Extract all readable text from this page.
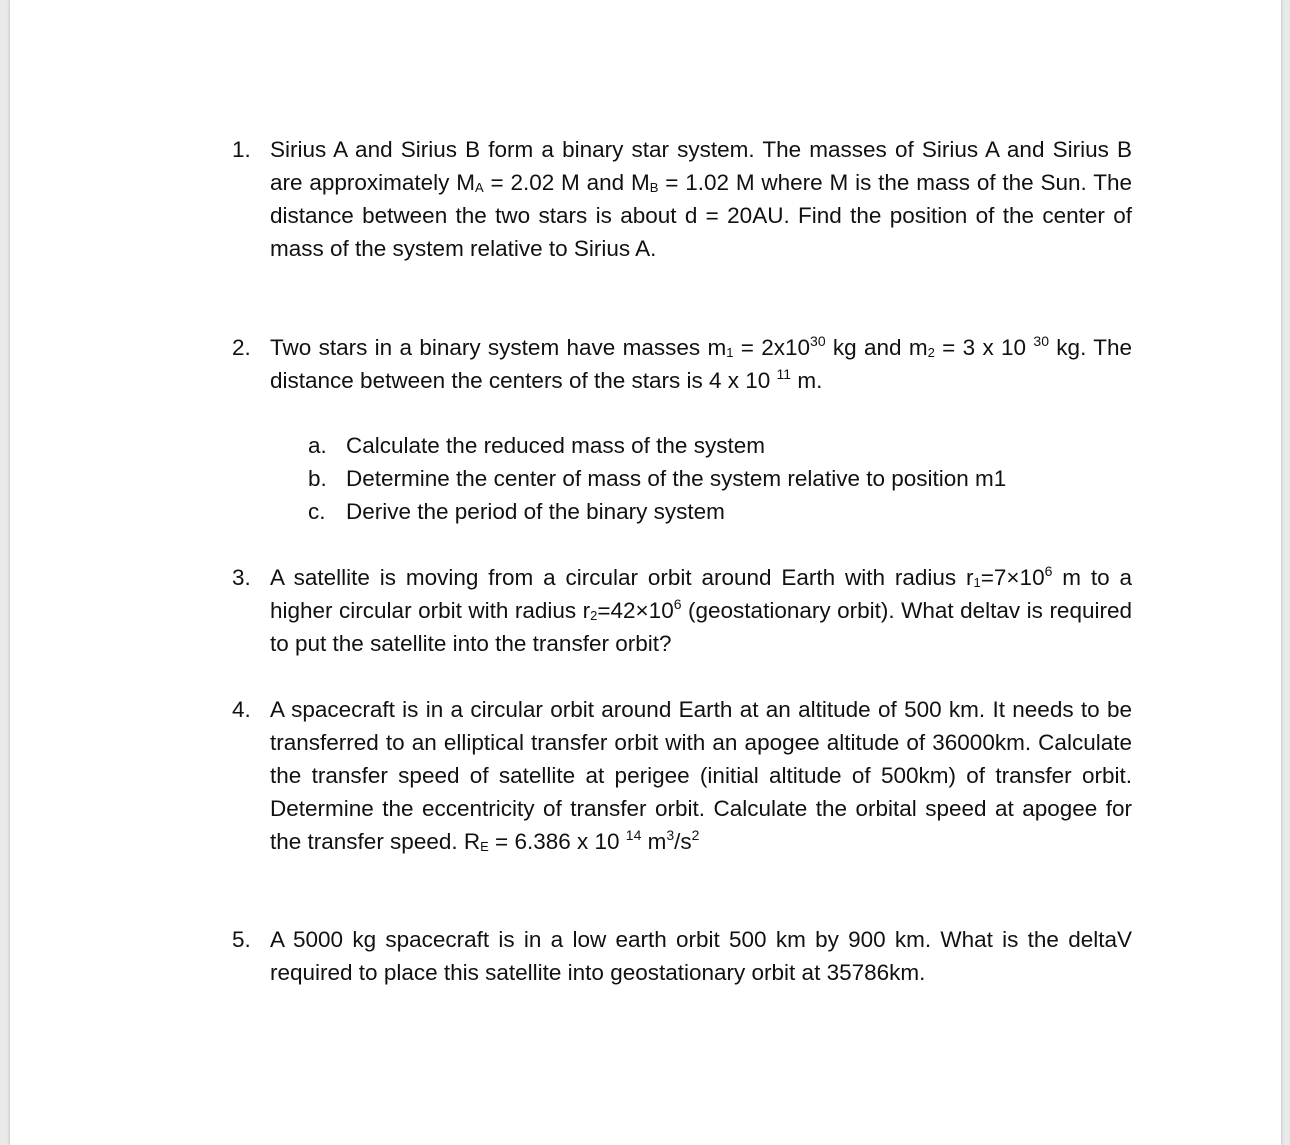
1. Sirius A and Sirius B form a binary star system. The masses of Sirius A and Sirius B are approximately $M_A = 2.02$ M and $M_B = 1.02$ M where M is the mass of the Sun. The distance between the two stars is about d = 20AU. Find the position of the center of mass of the system relative to Sirius A.

2. Two stars in a binary system have masses $m_1 = 2x10^{30}$ kg and $m_2 = 3$ x 10 $^{30}$ kg. The distance between the centers of the stars is 4 x 10 $^{11}$ m.

a. Calculate the reduced mass of the system
b. Determine the center of mass of the system relative to position m1
c. Derive the period of the binary system
3. A satellite is moving from a circular orbit around Earth with radius $r_1=7\times 10^6$ m to a higher circular orbit with radius $r_2=42\times 10^6$ (geostationary orbit). What deltav is required to put the satellite into the transfer orbit?

4. A spacecraft is in a circular orbit around Earth at an altitude of 500 km. It needs to be transferred to an elliptical transfer orbit with an apogee altitude of 36000km. Calculate the transfer speed of satellite at perigee (initial altitude of 500km) of transfer orbit. Determine the eccentricity of transfer orbit. Calculate the orbital speed at apogee for the transfer speed. $R_E = 6.386$ x 10 $^{14}$ $m^3/s^2$

5. A 5000 kg spacecraft is in a low earth orbit 500 km by 900 km. What is the deltaV required to place this satellite into geostationary orbit at 35786km.
